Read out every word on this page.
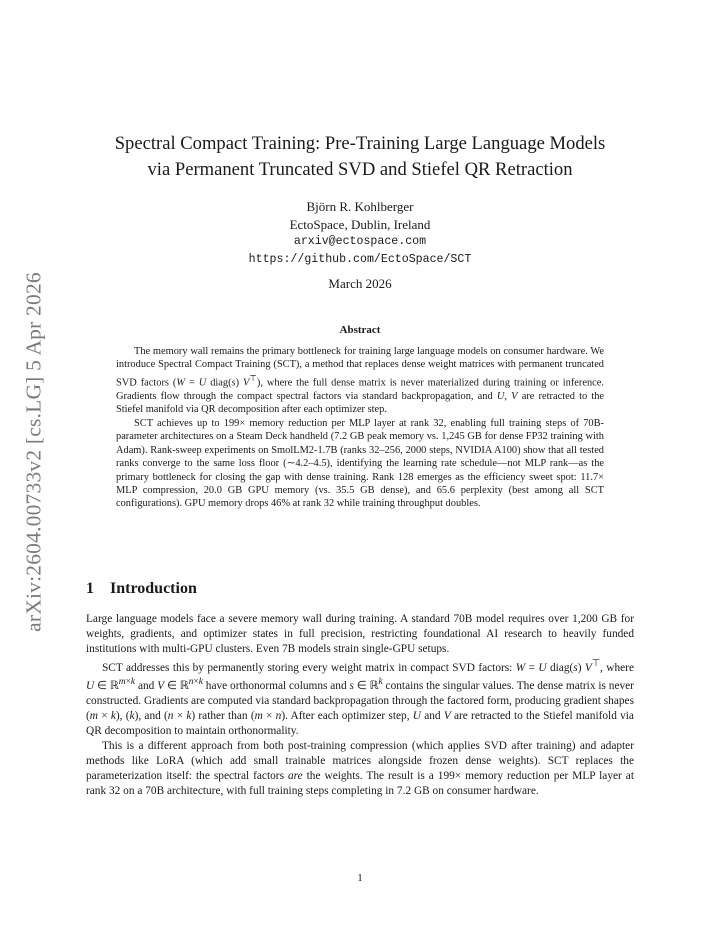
arXiv:2604.00733v2 [cs.LG] 5 Apr 2026
Spectral Compact Training: Pre-Training Large Language Models
via Permanent Truncated SVD and Stiefel QR Retraction
Björn R. Kohlberger
EctoSpace, Dublin, Ireland
arxiv@ectospace.com
https://github.com/EctoSpace/SCT
March 2026
Abstract

The memory wall remains the primary bottleneck for training large language models on consumer hardware. We introduce Spectral Compact Training (SCT), a method that replaces dense weight matrices with permanent truncated SVD factors (W = U diag(s) V⊤), where the full dense matrix is never materialized during training or inference. Gradients flow through the compact spectral factors via standard backpropagation, and U, V are retracted to the Stiefel manifold via QR decomposition after each optimizer step.

SCT achieves up to 199× memory reduction per MLP layer at rank 32, enabling full training steps of 70B-parameter architectures on a Steam Deck handheld (7.2 GB peak memory vs. 1,245 GB for dense FP32 training with Adam). Rank-sweep experiments on SmolLM2-1.7B (ranks 32–256, 2000 steps, NVIDIA A100) show that all tested ranks converge to the same loss floor (∼4.2–4.5), identifying the learning rate schedule—not MLP rank—as the primary bottleneck for closing the gap with dense training. Rank 128 emerges as the efficiency sweet spot: 11.7× MLP compression, 20.0 GB GPU memory (vs. 35.5 GB dense), and 65.6 perplexity (best among all SCT configurations). GPU memory drops 46% at rank 32 while training throughput doubles.

1 Introduction

Large language models face a severe memory wall during training. A standard 70B model requires over 1,200 GB for weights, gradients, and optimizer states in full precision, restricting foundational AI research to heavily funded institutions with multi-GPU clusters. Even 7B models strain single-GPU setups.

SCT addresses this by permanently storing every weight matrix in compact SVD factors: W = U diag(s) V⊤, where U ∈ ℝ$^{m\times k}$ and V ∈ ℝ$^{n\times k}$ have orthonormal columns and s ∈ ℝ$^k$ contains the singular values. The dense matrix is never constructed. Gradients are computed via standard backpropagation through the factored form, producing gradient shapes (m × k), (k), and (n × k) rather than (m × n). After each optimizer step, U and V are retracted to the Stiefel manifold via QR decomposition to maintain orthonormality.

This is a different approach from both post-training compression (which applies SVD after training) and adapter methods like LoRA (which add small trainable matrices alongside frozen dense weights). SCT replaces the parameterization itself: the spectral factors are the weights. The result is a 199× memory reduction per MLP layer at rank 32 on a 70B architecture, with full training steps completing in 7.2 GB on consumer hardware.

1
